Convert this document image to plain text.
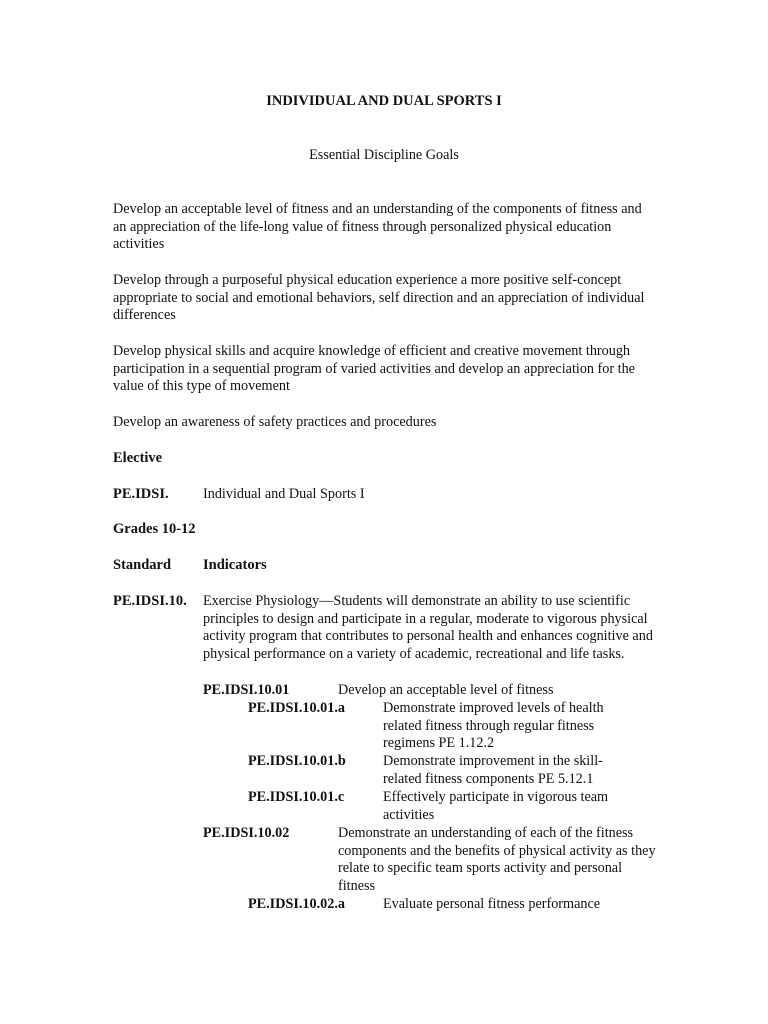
INDIVIDUAL AND DUAL SPORTS I

Essential Discipline Goals

Develop an acceptable level of fitness and an understanding of the components of fitness and an appreciation of the life-long value of fitness through personalized physical education activities

Develop through a purposeful physical education experience a more positive self-concept appropriate to social and emotional behaviors, self direction and an appreciation of individual differences

Develop physical skills and acquire knowledge of efficient and creative movement through participation in a sequential program of varied activities and develop an appreciation for the value of this type of movement

Develop an awareness of safety practices and procedures

Elective

PE.IDSI. Individual and Dual Sports I

Grades 10-12

Standard Indicators

PE.IDSI.10. Exercise Physiology—Students will demonstrate an ability to use scientific principles to design and participate in a regular, moderate to vigorous physical activity program that contributes to personal health and enhances cognitive and physical performance on a variety of academic, recreational and life tasks.

PE.IDSI.10.01	Develop an acceptable level of fitness

PE.IDSI.10.01.a	Demonstrate improved levels of health related fitness through regular fitness regimens PE 1.12.2

PE.IDSI.10.01.b	Demonstrate improvement in the skill-related fitness components PE 5.12.1

PE.IDSI.10.01.c	Effectively participate in vigorous team activities

PE.IDSI.10.02	Demonstrate an understanding of each of the fitness components and the benefits of physical activity as they relate to specific team sports activity and personal fitness

PE.IDSI.10.02.a	Evaluate personal fitness performance
